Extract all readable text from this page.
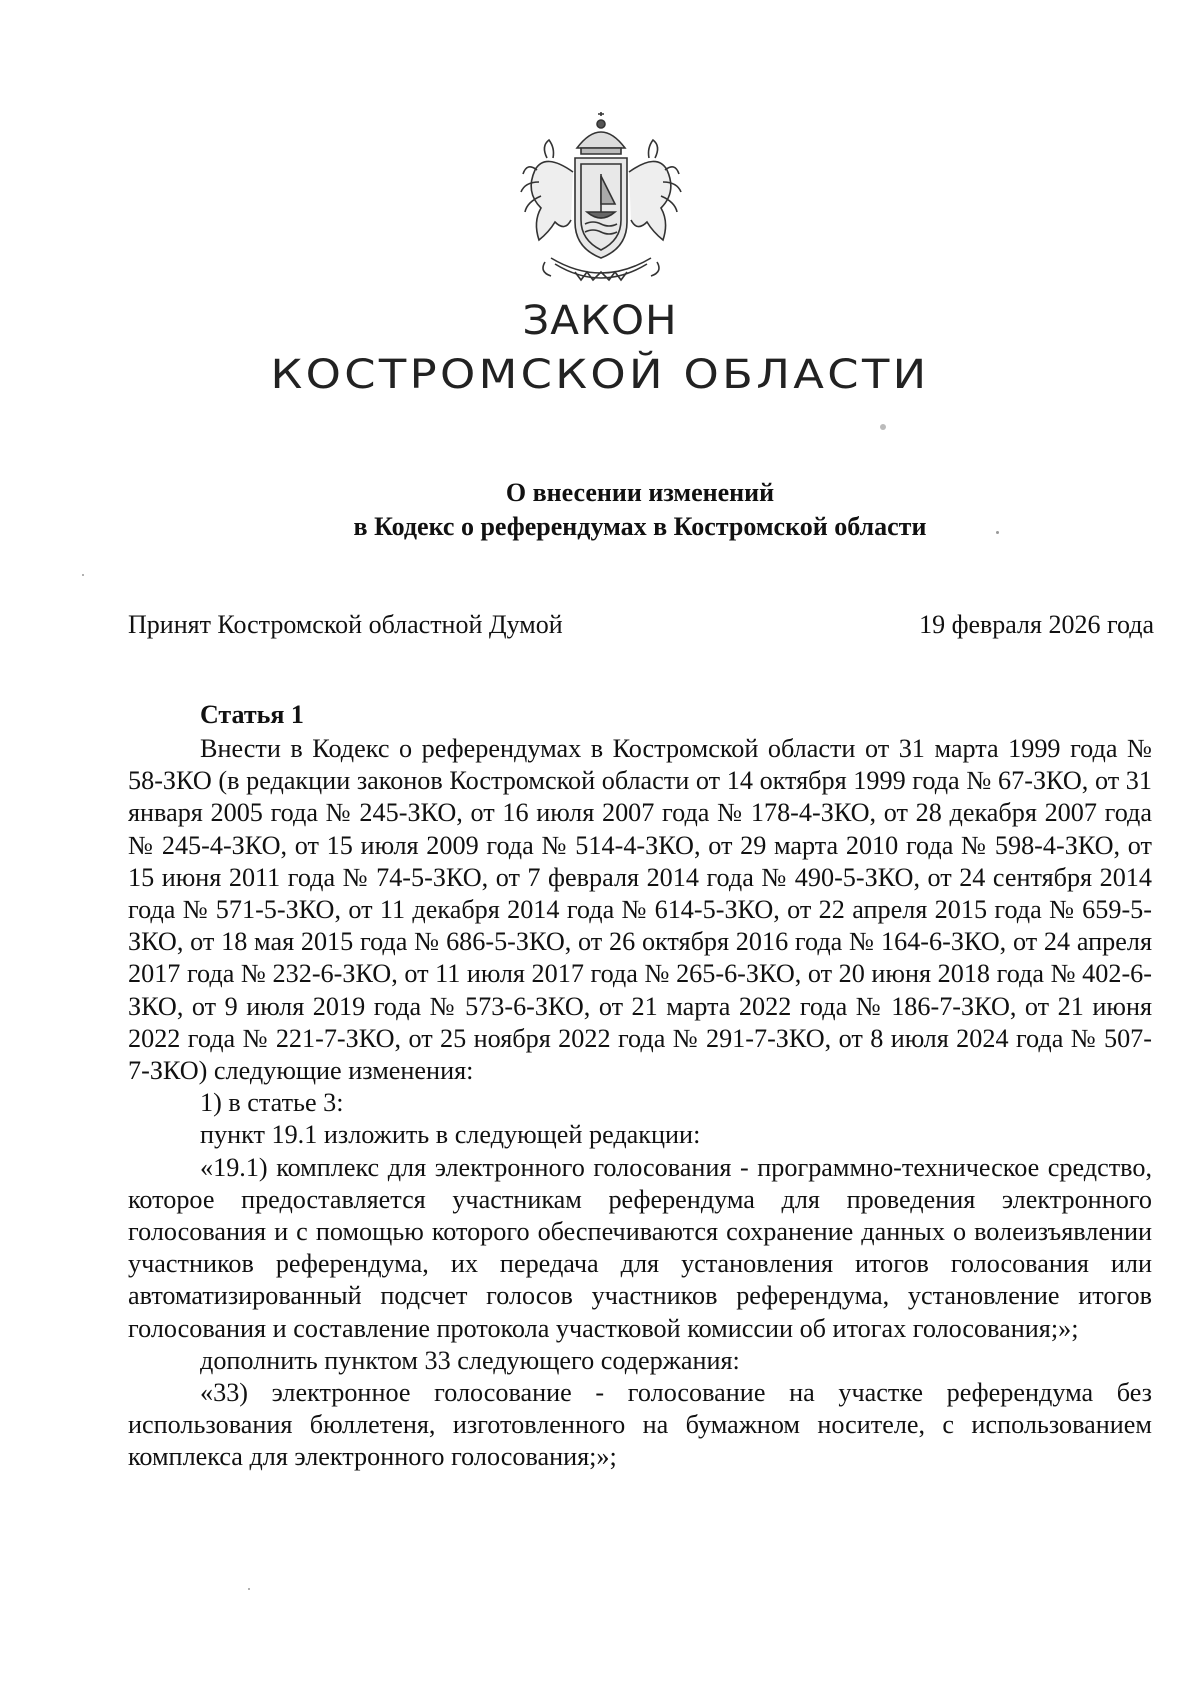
ЗАКОН
КОСТРОМСКОЙ ОБЛАСТИ
О внесении изменений
в Кодекс о референдумах в Костромской области
Принят Костромской областной Думой	19 февраля 2026 года
Статья 1

Внести в Кодекс о референдумах в Костромской области от 31 марта 1999 года № 58-ЗКО (в редакции законов Костромской области от 14 октября 1999 года № 67-ЗКО, от 31 января 2005 года № 245-ЗКО, от 16 июля 2007 года № 178-4-ЗКО, от 28 декабря 2007 года № 245-4-ЗКО, от 15 июля 2009 года № 514-4-ЗКО, от 29 марта 2010 года № 598-4-ЗКО, от 15 июня 2011 года № 74-5-ЗКО, от 7 февраля 2014 года № 490-5-ЗКО, от 24 сентября 2014 года № 571-5-ЗКО, от 11 декабря 2014 года № 614-5-ЗКО, от 22 апреля 2015 года № 659-5-ЗКО, от 18 мая 2015 года № 686-5-ЗКО, от 26 октября 2016 года № 164-6-ЗКО, от 24 апреля 2017 года № 232-6-ЗКО, от 11 июля 2017 года № 265-6-ЗКО, от 20 июня 2018 года № 402-6-ЗКО, от 9 июля 2019 года № 573-6-ЗКО, от 21 марта 2022 года № 186-7-ЗКО, от 21 июня 2022 года № 221-7-ЗКО, от 25 ноября 2022 года № 291-7-ЗКО, от 8 июля 2024 года № 507-7-ЗКО) следующие изменения:

1) в статье 3:

пункт 19.1 изложить в следующей редакции:

«19.1) комплекс для электронного голосования - программно-техническое средство, которое предоставляется участникам референдума для проведения электронного голосования и с помощью которого обеспечиваются сохранение данных о волеизъявлении участников референдума, их передача для установления итогов голосования или автоматизированный подсчет голосов участников референдума, установление итогов голосования и составление протокола участковой комиссии об итогах голосования;»;

дополнить пунктом 33 следующего содержания:

«33) электронное голосование - голосование на участке референдума без использования бюллетеня, изготовленного на бумажном носителе, с использованием комплекса для электронного голосования;»;
